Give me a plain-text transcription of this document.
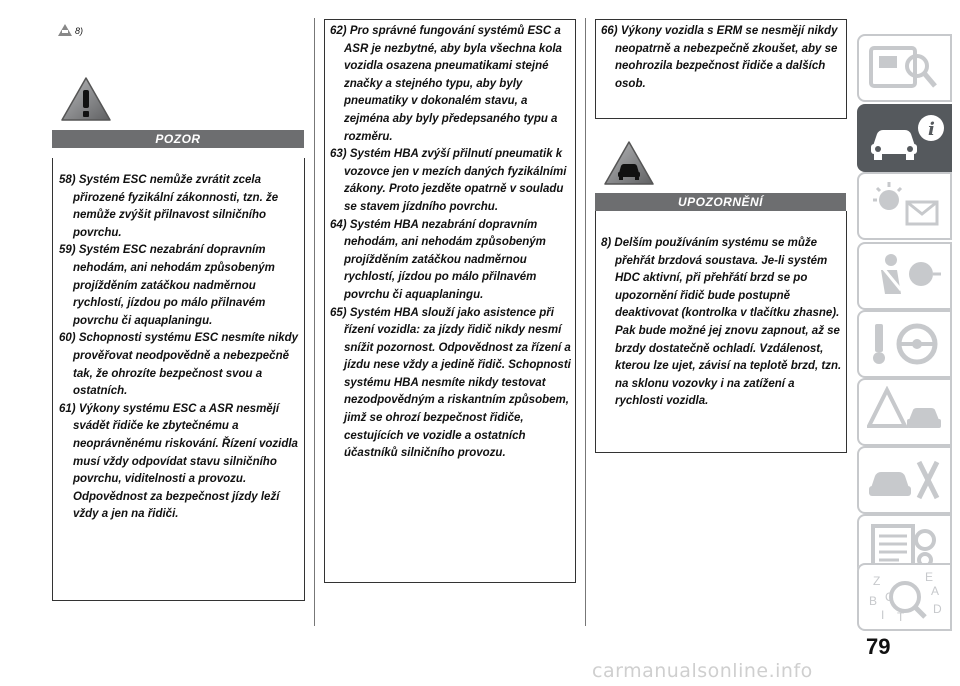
8)
POZOR

58) Systém ESC nemůže zvrátit zcela přirozené fyzikální zákonnosti, tzn. že nemůže zvýšit přilnavost silničního povrchu.

59) Systém ESC nezabrání dopravním nehodám, ani nehodám způsobeným projížděním zatáčkou nadměrnou rychlostí, jízdou po málo přilnavém povrchu či aquaplaningu.

60) Schopnosti systému ESC nesmíte nikdy prověřovat neodpovědně a nebezpečně tak, že ohrozíte bezpečnost svou a ostatních.

61) Výkony systému ESC a ASR nesmějí svádět řidiče ke zbytečnému a neoprávněnému riskování. Řízení vozidla musí vždy odpovídat stavu silničního povrchu, viditelnosti a provozu. Odpovědnost za bezpečnost jízdy leží vždy a jen na řidiči.

62) Pro správné fungování systémů ESC a ASR je nezbytné, aby byla všechna kola vozidla osazena pneumatikami stejné značky a stejného typu, aby byly pneumatiky v dokonalém stavu, a zejména aby byly předepsaného typu a rozměru.

63) Systém HBA zvýší přilnutí pneumatik k vozovce jen v mezích daných fyzikálními zákony. Proto jezděte opatrně v souladu se stavem jízdního povrchu.

64) Systém HBA nezabrání dopravním nehodám, ani nehodám způsobeným projížděním zatáčkou nadměrnou rychlostí, jízdou po málo přilnavém povrchu či aquaplaningu.

65) Systém HBA slouží jako asistence při řízení vozidla: za jízdy řidič nikdy nesmí snížit pozornost. Odpovědnost za řízení a jízdu nese vždy a jedině řidič. Schopnosti systému HBA nesmíte nikdy testovat nezodpovědným a riskantním způsobem, jimž se ohrozí bezpečnost řidiče, cestujících ve vozidle a ostatních účastníků silničního provozu.

66) Výkony vozidla s ERM se nesmějí nikdy neopatrně a nebezpečně zkoušet, aby se neohrozila bezpečnost řidiče a dalších osob.

UPOZORNĚNÍ

8) Delším používáním systému se může přehřát brzdová soustava. Je-li systém HDC aktivní, při přehřátí brzd se po upozornění řidič bude postupně deaktivovat (kontrolka v tlačítku zhasne). Pak bude možné jej znovu zapnout, až se brzdy dostatečně ochladí. Vzdálenost, kterou lze ujet, závisí na teplotě brzd, tzn. na sklonu vozovky i na zatížení a rychlosti vozidla.

i
Z	E
B C
T
D
A
I
79
carmanualsonline.info
